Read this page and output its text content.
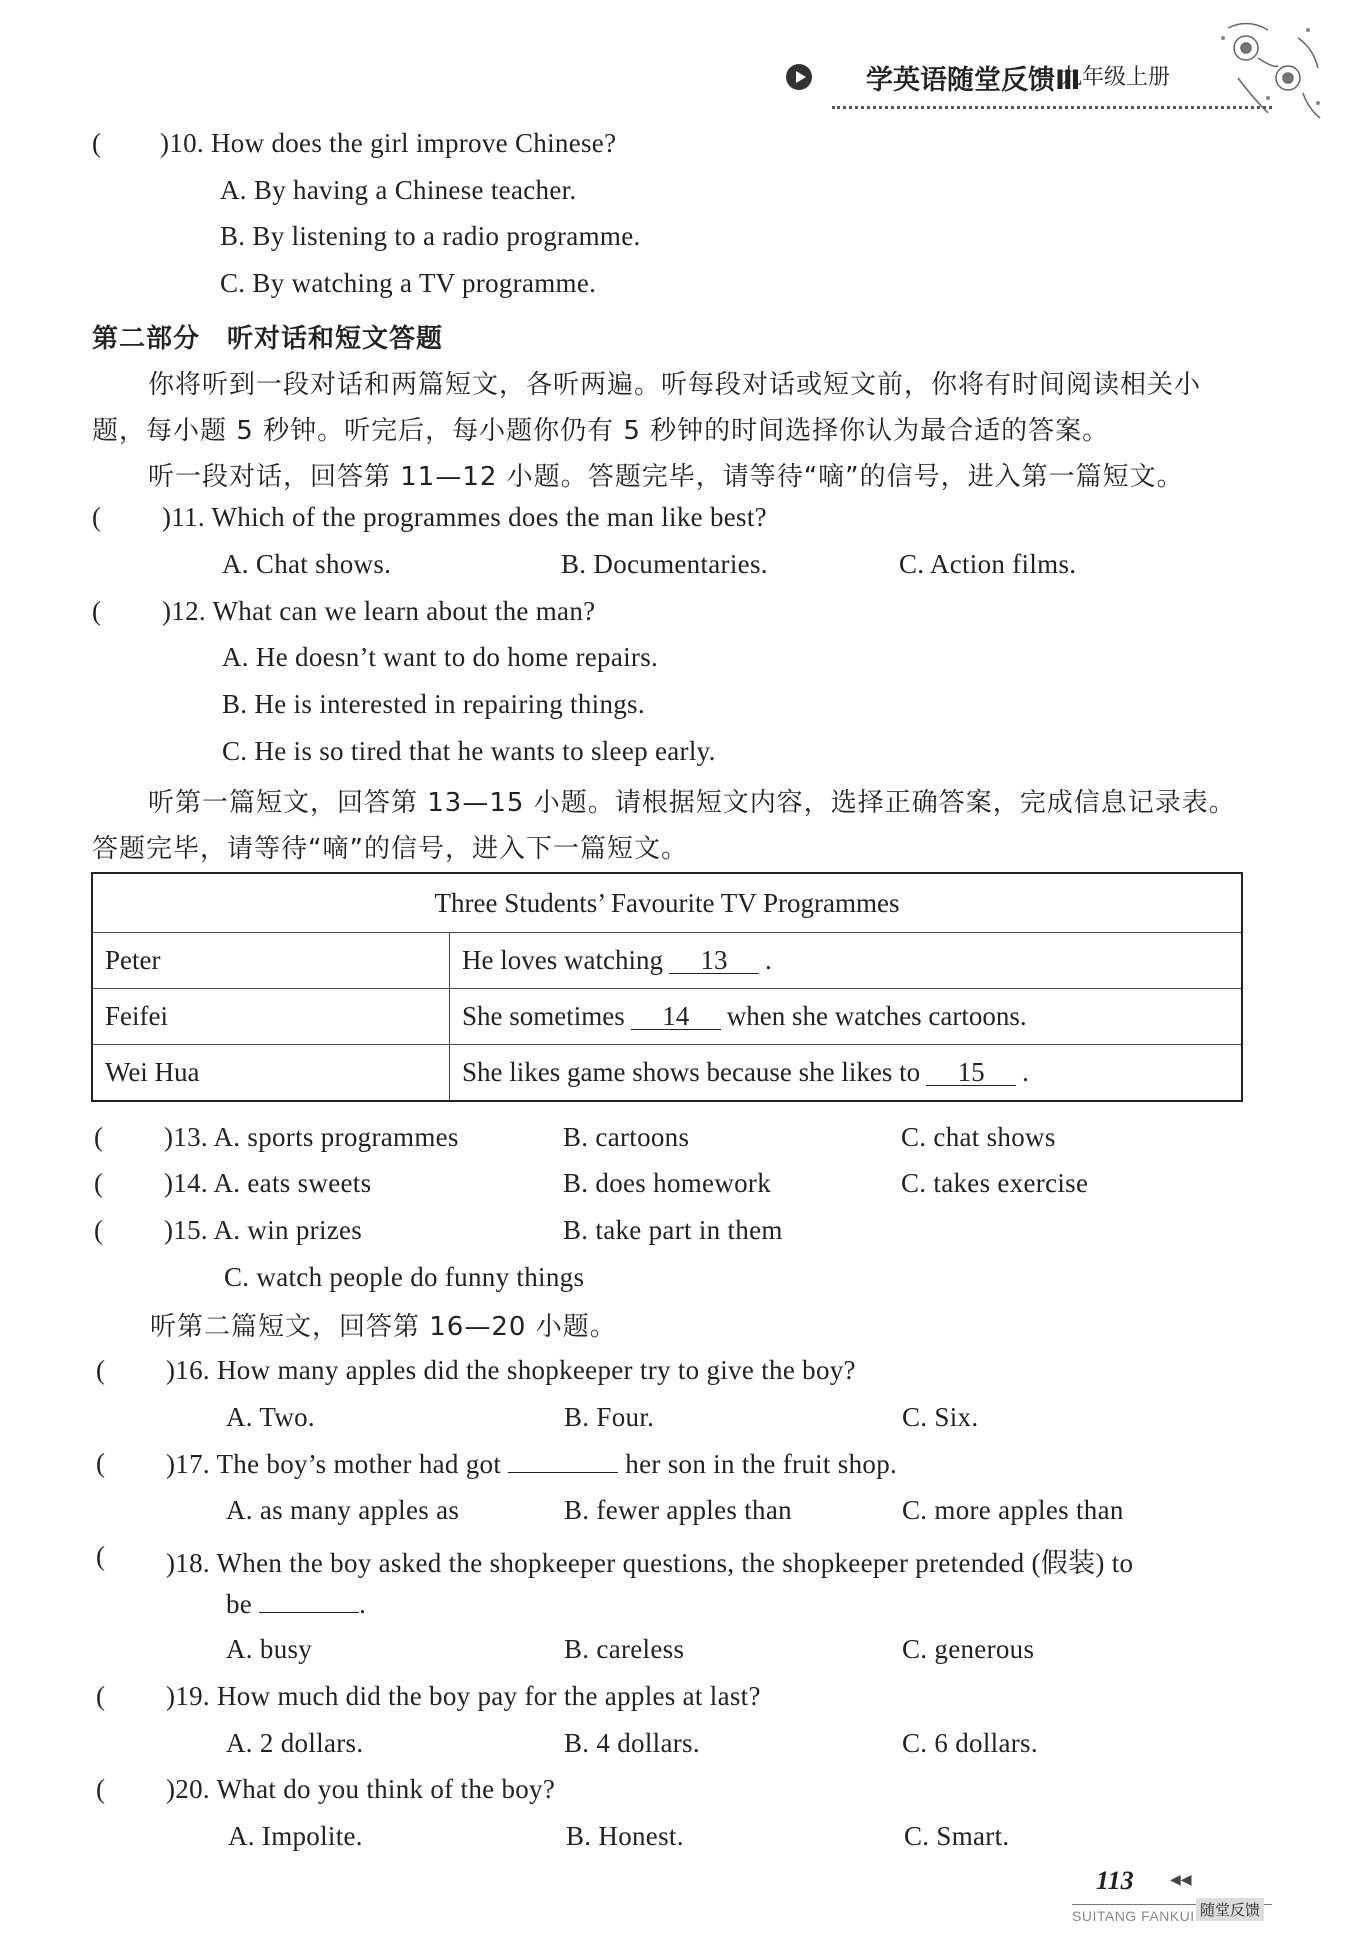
学英语随堂反馈Ⅲ
九年级上册
( )10. How does the girl improve Chinese?
A. By having a Chinese teacher.
B. By listening to a radio programme.
C. By watching a TV programme.
第二部分　听对话和短文答题
你将听到一段对话和两篇短文，各听两遍。听每段对话或短文前，你将有时间阅读相关小
题，每小题 5 秒钟。听完后，每小题你仍有 5 秒钟的时间选择你认为最合适的答案。
听一段对话，回答第 11—12 小题。答题完毕，请等待“嘀”的信号，进入第一篇短文。
( )11. Which of the programmes does the man like best?
A. Chat shows.	B. Documentaries.	C. Action films.
( )12. What can we learn about the man?
A. He doesn’t want to do home repairs.
B. He is interested in repairing things.
C. He is so tired that he wants to sleep early.
听第一篇短文，回答第 13—15 小题。请根据短文内容，选择正确答案，完成信息记录表。
答题完毕，请等待“嘀”的信号，进入下一篇短文。
Three Students’ Favourite TV Programmes	
Peter	He loves watching 13 .
Feifei	She sometimes 14 when she watches cartoons.
Wei Hua	She likes game shows because she likes to 15 .
( )13. A. sports programmes	B. cartoons	C. chat shows
( )14. A. eats sweets	B. does homework	C. takes exercise
( )15. A. win prizes	B. take part in them
C. watch people do funny things
听第二篇短文，回答第 16—20 小题。
( )16. How many apples did the shopkeeper try to give the boy?
A. Two.	B. Four.	C. Six.
( )17. The boy’s mother had got	her son in the fruit shop.
A. as many apples as	B. fewer apples than	C. more apples than
( )18. When the boy asked the shopkeeper questions, the shopkeeper pretended (假装) to
be	.
A. busy	B. careless	C. generous
( )19. How much did the boy pay for the apples at last?
A. 2 dollars.	B. 4 dollars.	C. 6 dollars.
( )20. What do you think of the boy?
A. Impolite.	B. Honest.	C. Smart.
113	◀◀
SUITANG FANKUI 随堂反馈
